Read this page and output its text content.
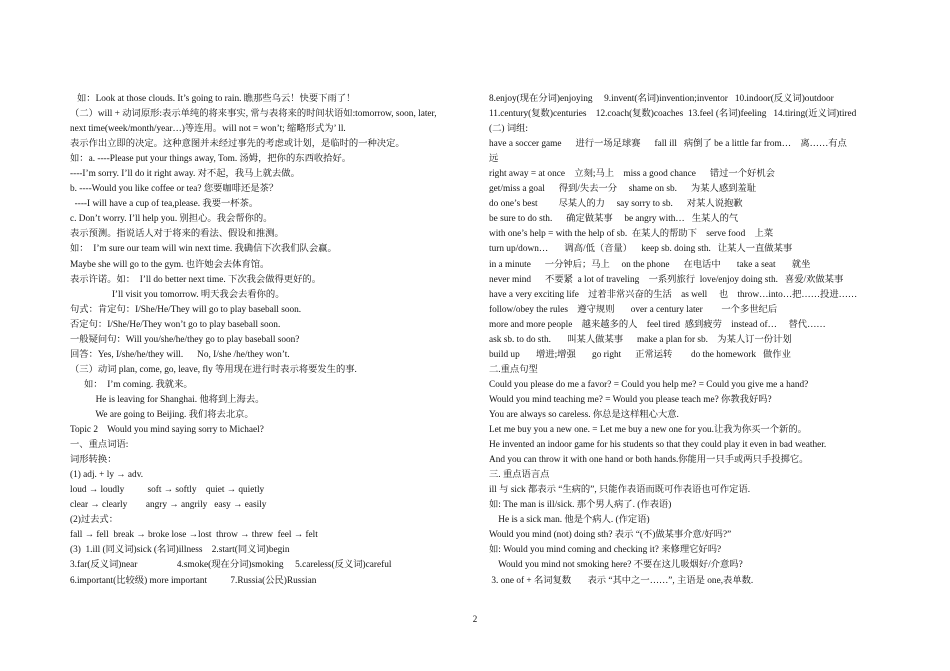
如：Look at those clouds. It’s going to rain. 瞧那些乌云！快要下雨了！
（二）will + 动词原形:表示单纯的将来事实, 常与表将来的时间状语如:tomorrow, soon, later,
next time(week/month/year…)等连用。will not = won’t; 缩略形式为’ ll.
表示作出立即的决定。这种意图并未经过事先的考虑或计划，是临时的一种决定。
如：a. ----Please put your things away, Tom. 汤姆，把你的东西收拾好。
----I’m sorry. I’ll do it right away. 对不起，我马上就去做。
b. ----Would you like coffee or tea? 您要咖啡还是茶？
----I will have a cup of tea,please. 我要一杯茶。
c. Don’t worry. I’ll help you. 别担心。我会帮你的。
表示预测。指说话人对于将来的看法、假设和推测。
如：  I’m sure our team will win next time. 我确信下次我们队会赢。
Maybe she will go to the gym. 也许她会去体育馆。
表示许诺。如：  I’ll do better next time. 下次我会做得更好的。
I’ll visit you tomorrow. 明天我会去看你的。
句式：肯定句：I/She/He/They will go to play baseball soon.
否定句：I/She/He/They won’t go to play baseball soon.
一般疑问句：Will you/she/he/they go to play baseball soon?
回答：Yes, I/she/he/they will.      No, I/she /he/they won’t.
（三）动词 plan, come, go, leave, fly 等用现在进行时表示将要发生的事.
如：  I’m coming. 我就来。
He is leaving for Shanghai. 他将到上海去。
We are going to Beijing. 我们将去北京。
Topic 2    Would you mind saying sorry to Michael?
一、重点词语:
词形转换：
(1) adj. + ly → adv.
loud → loudly          soft → softly    quiet → quietly
clear → clearly        angry → angrily   easy → easily
(2)过去式：
fall → fell  break → broke lose →lost  throw → threw  feel → felt
(3)  1.ill (同义词)sick (名词)illness    2.start(同义词)begin
3.far(反义词)near                 4.smoke(现在分词)smoking     5.careless(反义词)careful
6.important(比较级) more important          7.Russia(公民)Russian
8.enjoy(现在分词)enjoying     9.invent(名词)invention;inventor   10.indoor(反义词)outdoor
11.century(复数)centuries    12.coach(复数)coaches  13.feel (名词)feeling   14.tiring(近义词)tired
(二) 词组:
have a soccer game      进行一场足球赛      fall ill   病倒了 be a little far from…    离……有点
远
right away = at once    立刻;马上    miss a good chance      错过一个好机会
get/miss a goal      得到/失去一分     shame on sb.      为某人感到羞耻
do one’s best         尽某人的力     say sorry to sb.      对某人说抱歉
be sure to do sth.      确定做某事     be angry with…   生某人的气
with one’s help = with the help of sb.  在某人的帮助下    serve food    上菜
turn up/down…       调高/低（音量）    keep sb. doing sth.   让某人一直做某事
in a minute      一分钟后；马上     on the phone      在电话中       take a seat       就坐
never mind      不要紧  a lot of traveling    一系列旅行  love/enjoy doing sth.   喜爱/欢做某事
have a very exciting life    过着非常兴奋的生活    as well     也    throw…into…把……投进……
follow/obey the rules    遵守规则       over a century later        一个多世纪后
more and more people    越来越多的人    feel tired  感到疲劳    instead of…     替代……
ask sb. to do sth.       叫某人做某事      make a plan for sb.    为某人订一份计划
build up       增进;增强       go right      正常运转        do the homework   做作业
二.重点句型
Could you please do me a favor? = Could you help me? = Could you give me a hand?
Would you mind teaching me? = Would you please teach me? 你教我好吗?
You are always so careless. 你总是这样粗心大意.
Let me buy you a new one. = Let me buy a new one for you.让我为你买一个新的。
He invented an indoor game for his students so that they could play it even in bad weather.
And you can throw it with one hand or both hands.你能用一只手或两只手投掷它。
三. 重点语言点
ill 与 sick 都表示 “生病的”, 只能作表语而既可作表语也可作定语.
如: The man is ill/sick. 那个男人病了. (作表语)
He is a sick man. 他是个病人. (作定语)
Would you mind (not) doing sth? 表示 “(不)做某事介意/好吗?”
如: Would you mind coming and checking it? 来修理它好吗?
Would you mind not smoking here? 不要在这儿吸烟好/介意吗?
3. one of + 名词复数       表示 “其中之一……”, 主语是 one,表单数.
2
